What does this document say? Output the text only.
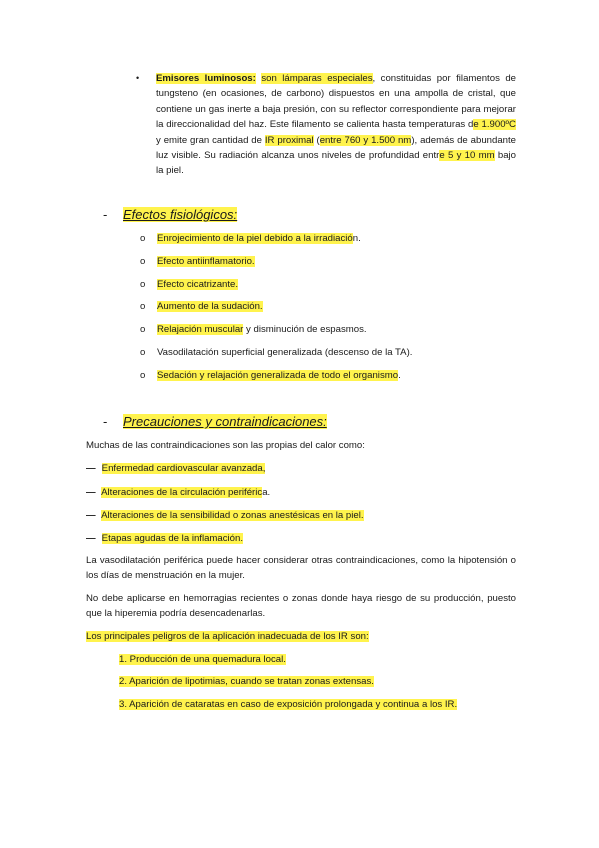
• Emisores luminosos: son lámparas especiales, constituidas por filamentos de tungsteno (en ocasiones, de carbono) dispuestos en una ampolla de cristal, que contiene un gas inerte a baja presión, con su reflector correspondiente para mejorar la direccionalidad del haz. Este filamento se calienta hasta temperaturas de 1.900ºC y emite gran cantidad de IR proximal (entre 760 y 1.500 nm), además de abundante luz visible. Su radiación alcanza unos niveles de profundidad entre 5 y 10 mm bajo la piel.

- Efectos fisiológicos:
o Enrojecimiento de la piel debido a la irradiación.
o Efecto antiinflamatorio.
o Efecto cicatrizante.
o Aumento de la sudación.
o Relajación muscular y disminución de espasmos.
o Vasodilatación superficial generalizada (descenso de la TA).
o Sedación y relajación generalizada de todo el organismo.
- Precauciones y contraindicaciones:

Muchas de las contraindicaciones son las propias del calor como:

— Enfermedad cardiovascular avanzada,
— Alteraciones de la circulación periférica.
— Alteraciones de la sensibilidad o zonas anestésicas en la piel.
— Etapas agudas de la inflamación.

La vasodilatación periférica puede hacer considerar otras contraindicaciones, como la hipotensión o los días de menstruación en la mujer.

No debe aplicarse en hemorragias recientes o zonas donde haya riesgo de su producción, puesto que la hiperemia podría desencadenarlas.

Los principales peligros de la aplicación inadecuada de los IR son:
1. Producción de una quemadura local.
2. Aparición de lipotimias, cuando se tratan zonas extensas.
3. Aparición de cataratas en caso de exposición prolongada y continua a los IR.
